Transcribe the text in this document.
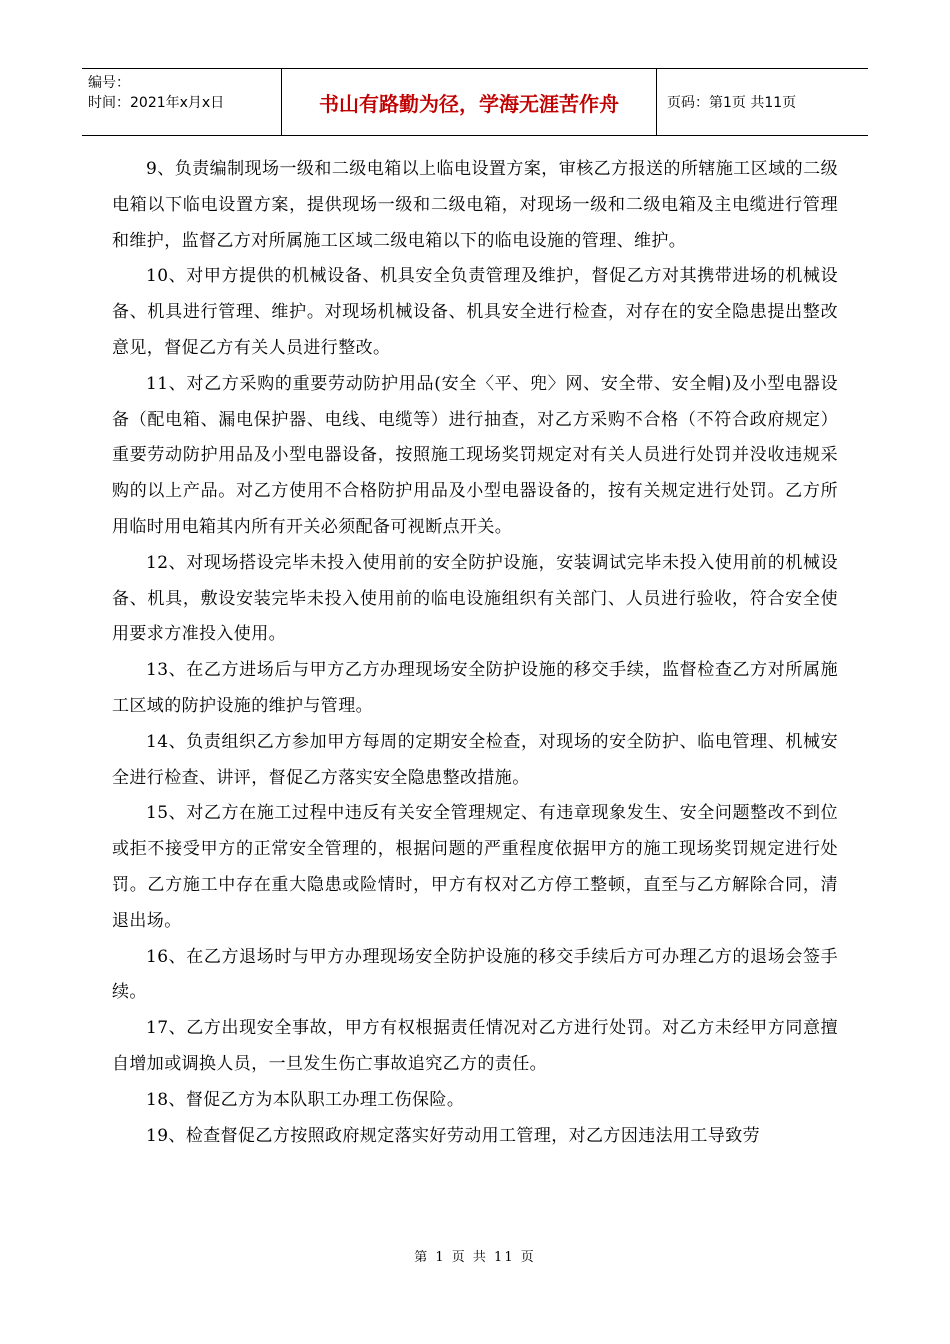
编号：
时间：2021年x月x日	书山有路勤为径，学海无涯苦作舟	页码：第1页 共11页

9、负责编制现场一级和二级电箱以上临电设置方案，审核乙方报送的所辖施工区域的二级电箱以下临电设置方案，提供现场一级和二级电箱，对现场一级和二级电箱及主电缆进行管理和维护，监督乙方对所属施工区域二级电箱以下的临电设施的管理、维护。

10、对甲方提供的机械设备、机具安全负责管理及维护，督促乙方对其携带进场的机械设备、机具进行管理、维护。对现场机械设备、机具安全进行检查，对存在的安全隐患提出整改意见，督促乙方有关人员进行整改。

11、对乙方采购的重要劳动防护用品(安全〈平、兜〉网、安全带、安全帽)及小型电器设备（配电箱、漏电保护器、电线、电缆等）进行抽查，对乙方采购不合格（不符合政府规定）重要劳动防护用品及小型电器设备，按照施工现场奖罚规定对有关人员进行处罚并没收违规采购的以上产品。对乙方使用不合格防护用品及小型电器设备的，按有关规定进行处罚。乙方所用临时用电箱其内所有开关必须配备可视断点开关。

12、对现场搭设完毕未投入使用前的安全防护设施，安装调试完毕未投入使用前的机械设备、机具，敷设安装完毕未投入使用前的临电设施组织有关部门、人员进行验收，符合安全使用要求方准投入使用。

13、在乙方进场后与甲方乙方办理现场安全防护设施的移交手续，监督检查乙方对所属施工区域的防护设施的维护与管理。

14、负责组织乙方参加甲方每周的定期安全检查，对现场的安全防护、临电管理、机械安全进行检查、讲评，督促乙方落实安全隐患整改措施。

15、对乙方在施工过程中违反有关安全管理规定、有违章现象发生、安全问题整改不到位或拒不接受甲方的正常安全管理的，根据问题的严重程度依据甲方的施工现场奖罚规定进行处罚。乙方施工中存在重大隐患或险情时，甲方有权对乙方停工整顿，直至与乙方解除合同，清退出场。

16、在乙方退场时与甲方办理现场安全防护设施的移交手续后方可办理乙方的退场会签手续。

17、乙方出现安全事故，甲方有权根据责任情况对乙方进行处罚。对乙方未经甲方同意擅自增加或调换人员，一旦发生伤亡事故追究乙方的责任。

18、督促乙方为本队职工办理工伤保险。

19、检查督促乙方按照政府规定落实好劳动用工管理，对乙方因违法用工导致劳

第 1 页 共 11 页
